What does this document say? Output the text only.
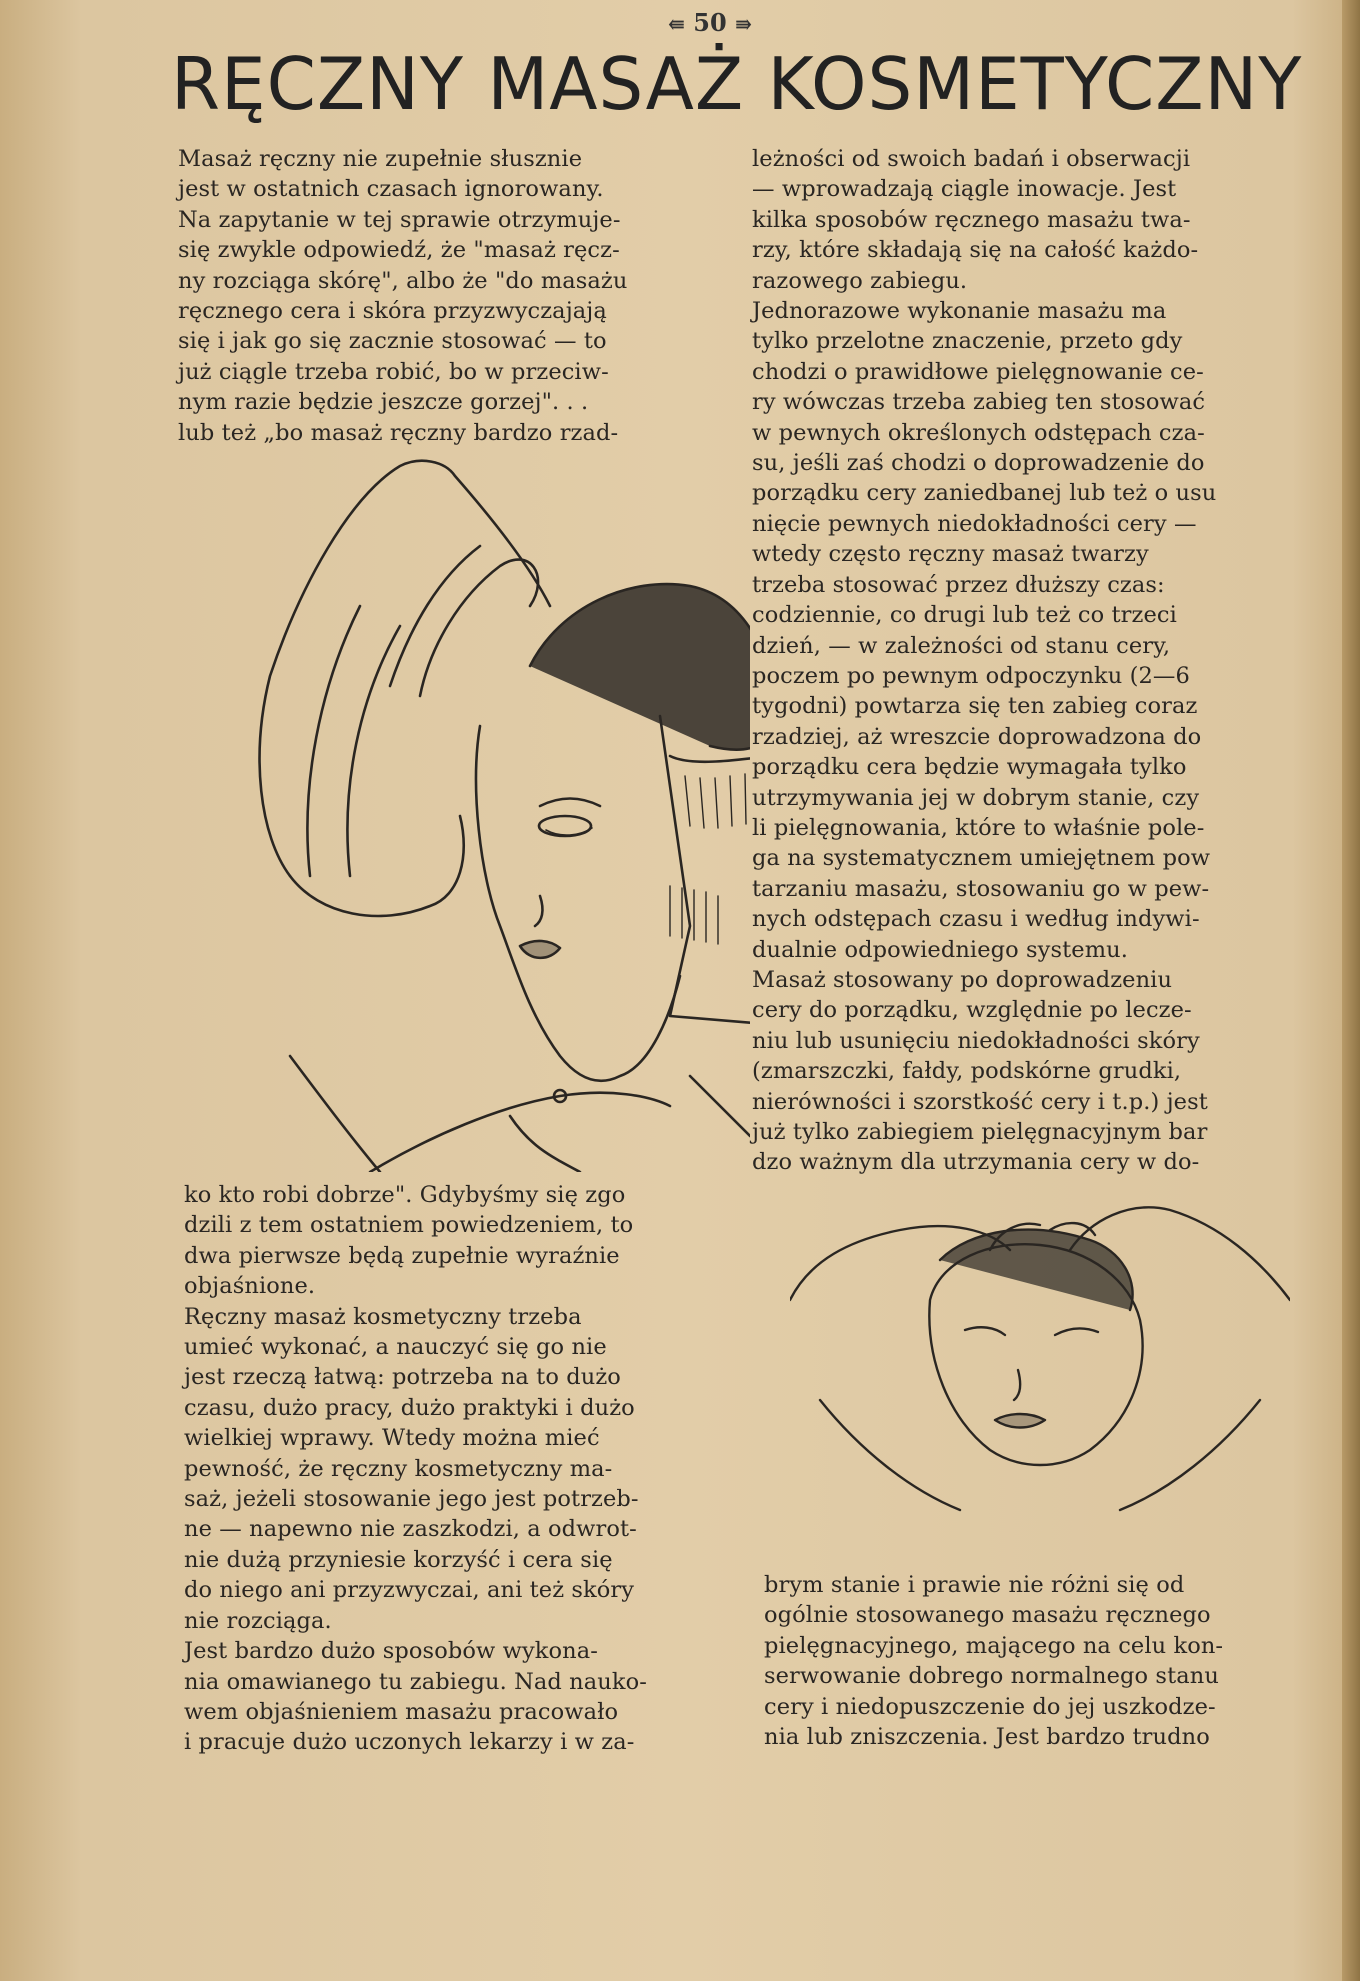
⇚ 50 ⇛
RĘCZNY MASAŻ KOSMETYCZNY

Masaż ręczny nie zupełnie słusznie

jest w ostatnich czasach ignorowany.

Na zapytanie w tej sprawie otrzymuje-

się zwykle odpowiedź, że "masaż ręcz-

ny rozciąga skórę", albo że "do masażu

ręcznego cera i skóra przyzwyczajają

się i jak go się zacznie stosować — to

już ciągle trzeba robić, bo w przeciw-

nym razie będzie jeszcze gorzej". . .

lub też „bo masaż ręczny bardzo rzad-

ko kto robi dobrze". Gdybyśmy się zgo

dzili z tem ostatniem powiedzeniem, to

dwa pierwsze będą zupełnie wyraźnie

objaśnione.

Ręczny masaż kosmetyczny trzeba

umieć wykonać, a nauczyć się go nie

jest rzeczą łatwą: potrzeba na to dużo

czasu, dużo pracy, dużo praktyki i dużo

wielkiej wprawy. Wtedy można mieć

pewność, że ręczny kosmetyczny ma-

saż, jeżeli stosowanie jego jest potrzeb-

ne — napewno nie zaszkodzi, a odwrot-

nie dużą przyniesie korzyść i cera się

do niego ani przyzwyczai, ani też skóry

nie rozciąga.

Jest bardzo dużo sposobów wykona-

nia omawianego tu zabiegu. Nad nauko-

wem objaśnieniem masażu pracowało

i pracuje dużo uczonych lekarzy i w za-

leżności od swoich badań i obserwacji

— wprowadzają ciągle inowacje. Jest

kilka sposobów ręcznego masażu twa-

rzy, które składają się na całość każdo-

razowego zabiegu.

Jednorazowe wykonanie masażu ma

tylko przelotne znaczenie, przeto gdy

chodzi o prawidłowe pielęgnowanie ce-

ry wówczas trzeba zabieg ten stosować

w pewnych określonych odstępach cza-

su, jeśli zaś chodzi o doprowadzenie do

porządku cery zaniedbanej lub też o usu

nięcie pewnych niedokładności cery —

wtedy często ręczny masaż twarzy

trzeba stosować przez dłuższy czas:

codziennie, co drugi lub też co trzeci

dzień, — w zależności od stanu cery,

poczem po pewnym odpoczynku (2—6

tygodni) powtarza się ten zabieg coraz

rzadziej, aż wreszcie doprowadzona do

porządku cera będzie wymagała tylko

utrzymywania jej w dobrym stanie, czy

li pielęgnowania, które to właśnie pole-

ga na systematycznem umiejętnem pow

tarzaniu masażu, stosowaniu go w pew-

nych odstępach czasu i według indywi-

dualnie odpowiedniego systemu.

Masaż stosowany po doprowadzeniu

cery do porządku, względnie po lecze-

niu lub usunięciu niedokładności skóry

(zmarszczki, fałdy, podskórne grudki,

nierówności i szorstkość cery i t.p.) jest

już tylko zabiegiem pielęgnacyjnym bar

dzo ważnym dla utrzymania cery w do-

brym stanie i prawie nie różni się od

ogólnie stosowanego masażu ręcznego

pielęgnacyjnego, mającego na celu kon-

serwowanie dobrego normalnego stanu

cery i niedopuszczenie do jej uszkodze-

nia lub zniszczenia. Jest bardzo trudno
